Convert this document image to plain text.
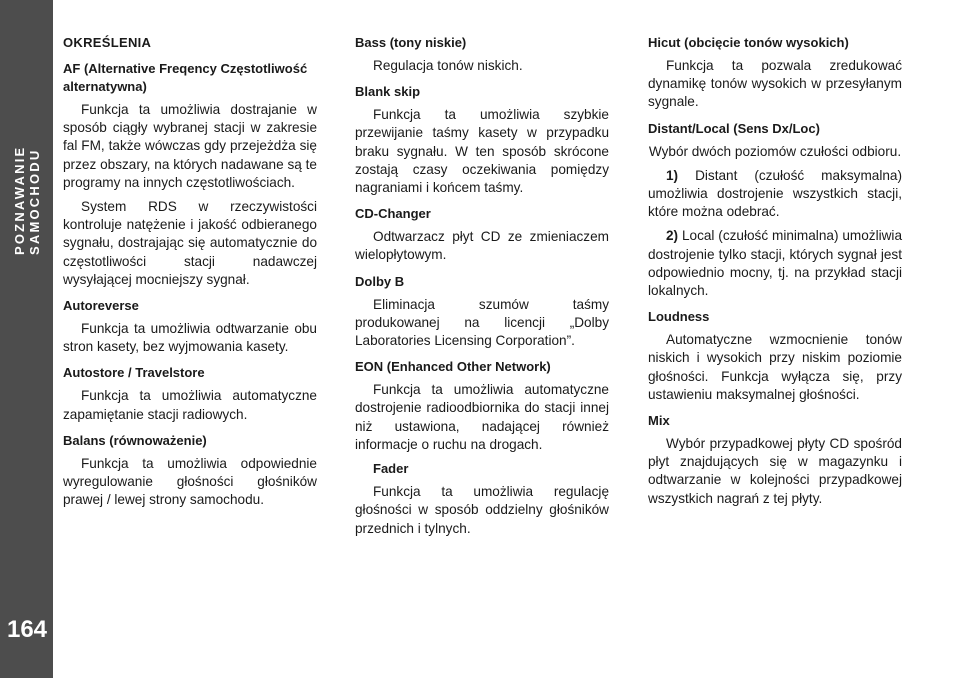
POZNAWANIE SAMOCHODU
164
OKREŚLENIA
AF (Alternative Freqency Częstotliwość alternatywna)

Funkcja ta umożliwia dostrajanie w sposób ciągły wybranej stacji w zakresie fal FM, także wówczas gdy przejeżdża się przez obszary, na których nadawane są te programy na innych częstotliwościach.

System RDS w rzeczywistości kontroluje natężenie i jakość odbieranego sygnału, dostrajając się automatycznie do częstotliwości stacji nadawczej wysyłającej mocniejszy sygnał.

Autoreverse

Funkcja ta umożliwia odtwarzanie obu stron kasety, bez wyjmowania kasety.

Autostore / Travelstore

Funkcja ta umożliwia automatyczne zapamiętanie stacji radiowych.

Balans (równoważenie)

Funkcja ta umożliwia odpowiednie wyregulowanie głośności głośników prawej / lewej strony samochodu.

Bass (tony niskie)

Regulacja tonów niskich.

Blank skip

Funkcja ta umożliwia szybkie przewijanie taśmy kasety w przypadku braku sygnału. W ten sposób skrócone zostają czasy oczekiwania pomiędzy nagraniami i końcem taśmy.

CD-Changer

Odtwarzacz płyt CD ze zmieniaczem wielopłytowym.

Dolby B

Eliminacja szumów taśmy produkowanej na licencji „Dolby Laboratories Licensing Corporation”.

EON (Enhanced Other Network)

Funkcja ta umożliwia automatyczne dostrojenie radioodbiornika do stacji innej niż ustawiona, nadającej również informacje o ruchu na drogach.

Fader

Funkcja ta umożliwia regulację głośności w sposób oddzielny głośników przednich i tylnych.

Hicut (obcięcie tonów wysokich)

Funkcja ta pozwala zredukować dynamikę tonów wysokich w przesyłanym sygnale.

Distant/Local (Sens Dx/Loc)

Wybór dwóch poziomów czułości odbioru.

1) Distant (czułość maksymalna) umożliwia dostrojenie wszystkich stacji, które można odebrać.

2) Local (czułość minimalna) umożliwia dostrojenie tylko stacji, których sygnał jest odpowiednio mocny, tj. na przykład stacji lokalnych.

Loudness

Automatyczne wzmocnienie tonów niskich i wysokich przy niskim poziomie głośności. Funkcja wyłącza się, przy ustawieniu maksymalnej głośności.

Mix

Wybór przypadkowej płyty CD spośród płyt znajdujących się w magazynku i odtwarzanie w kolejności przypadkowej wszystkich nagrań z tej płyty.
